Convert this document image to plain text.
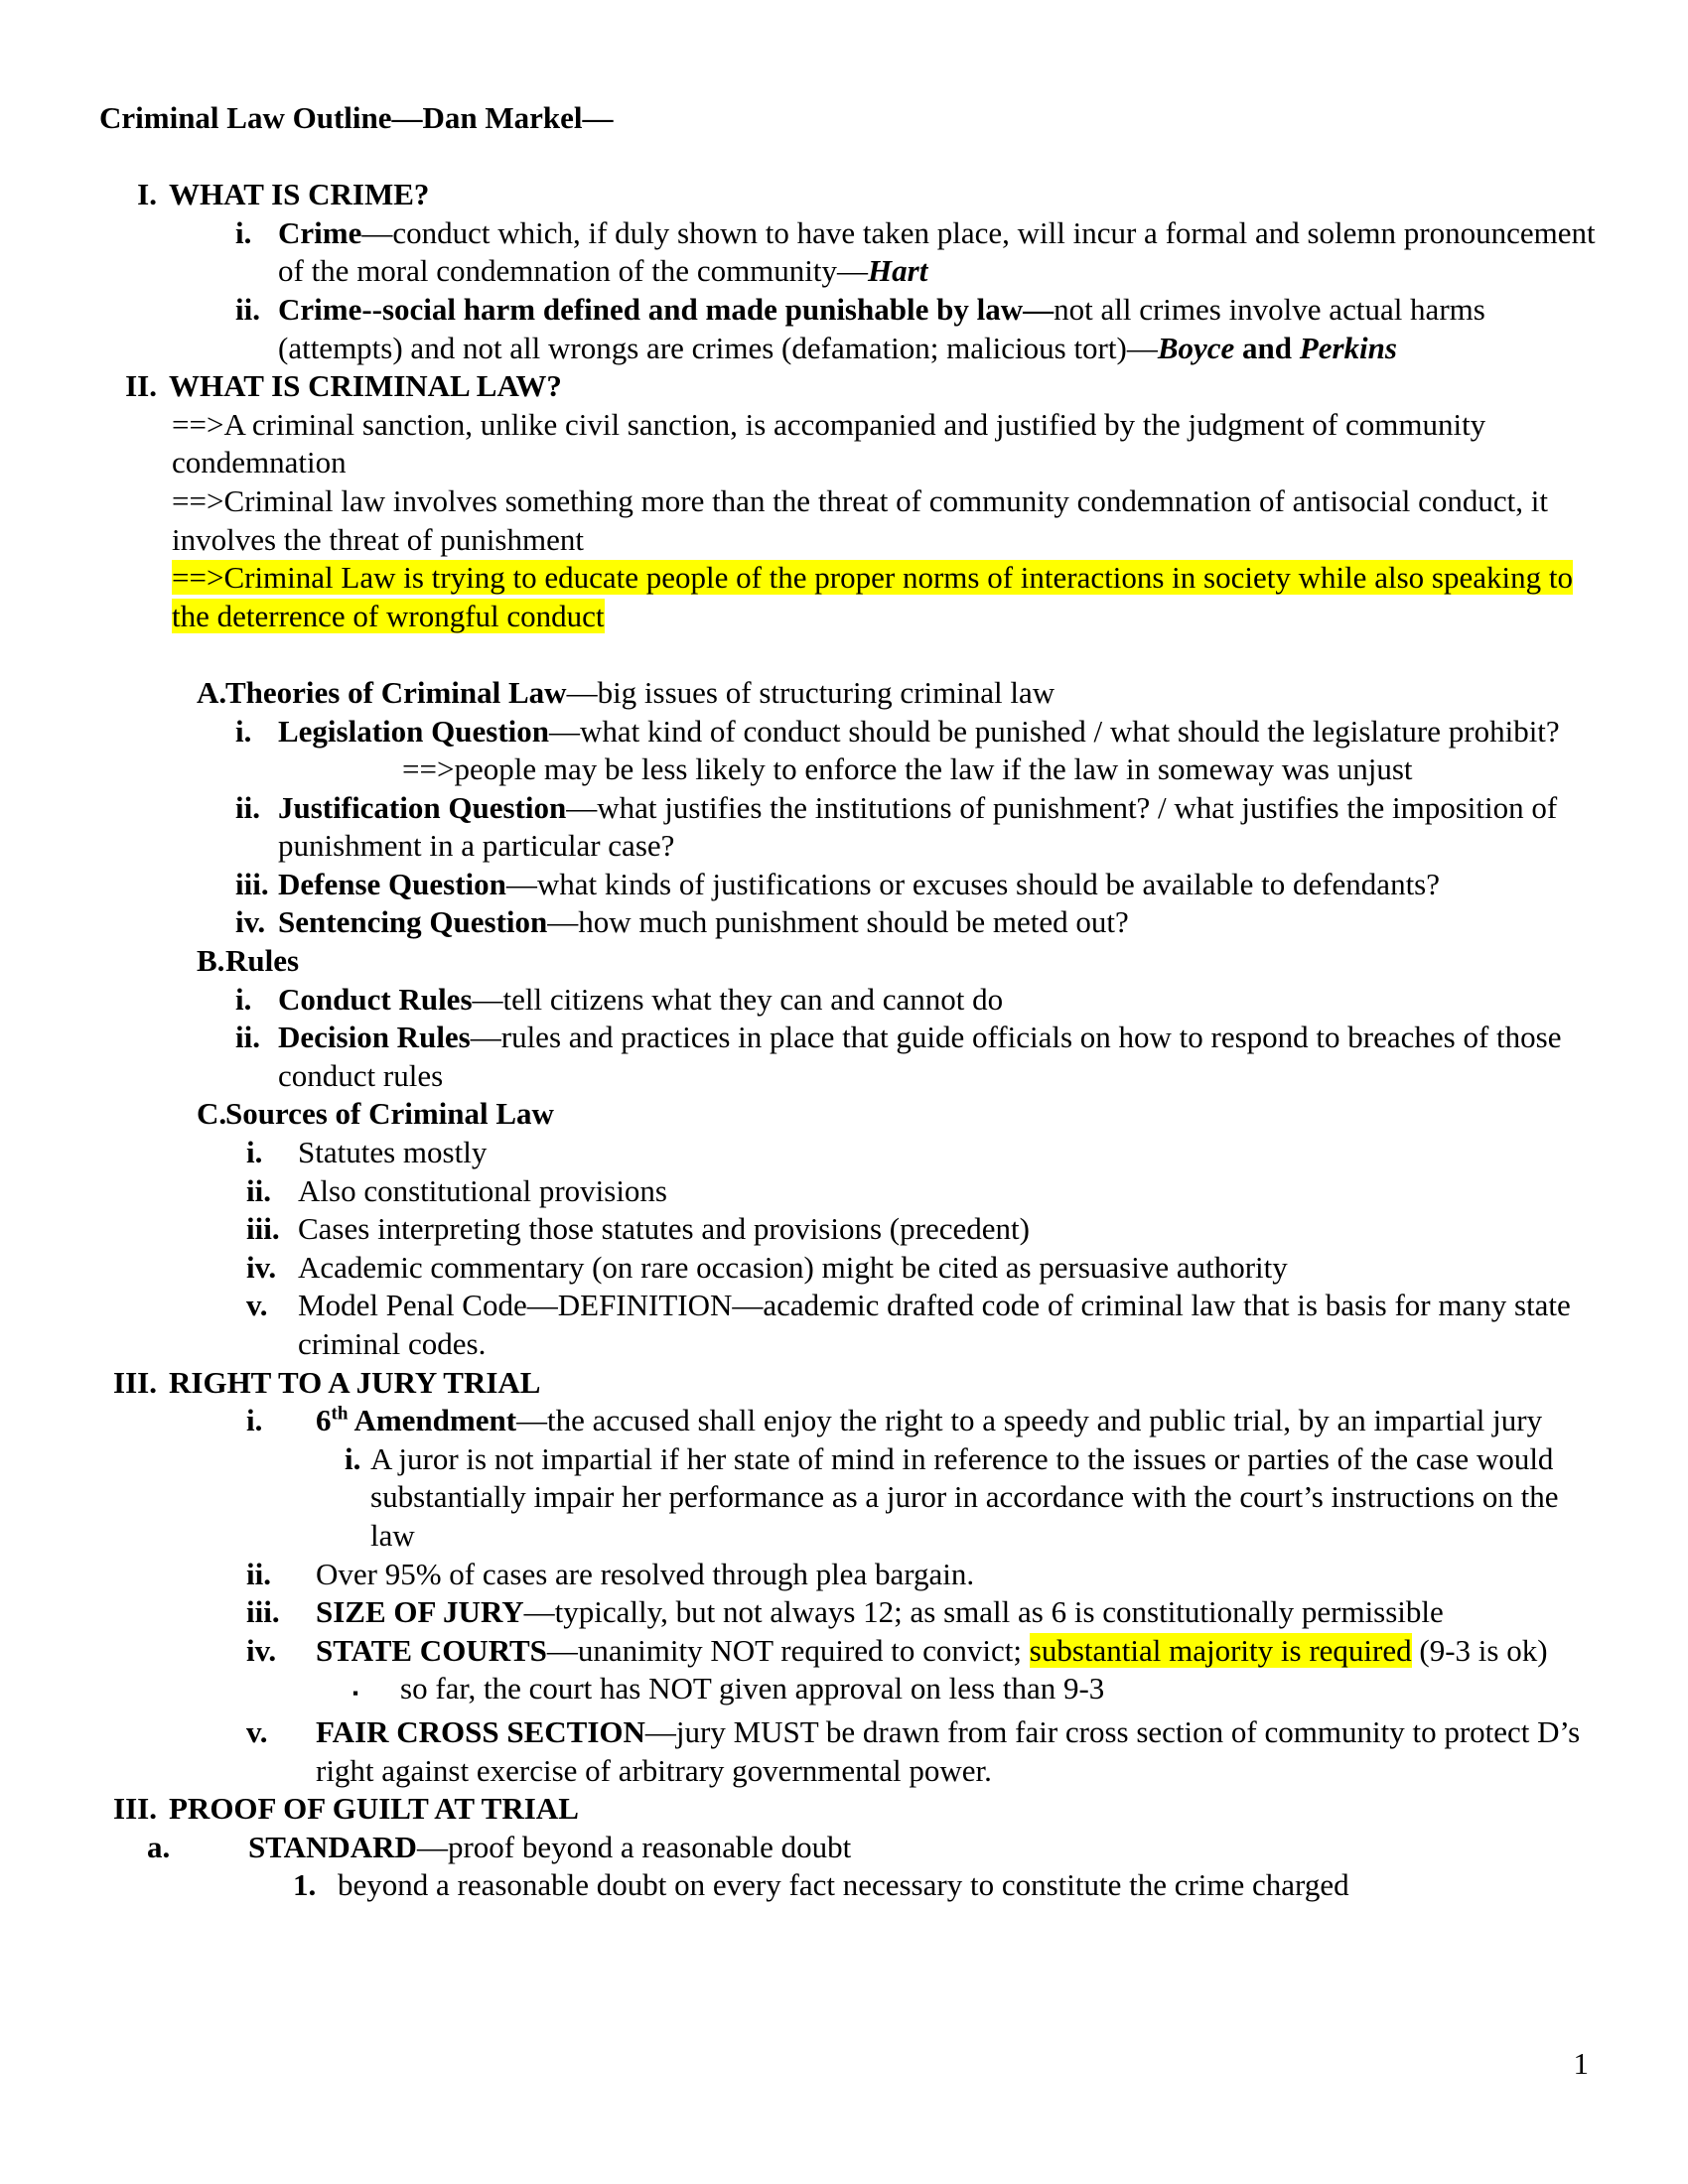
Criminal Law Outline—Dan Markel—
I. WHAT IS CRIME?
i. Crime—conduct which, if duly shown to have taken place, will incur a formal and solemn pronouncement of the moral condemnation of the community—Hart
ii. Crime--social harm defined and made punishable by law—not all crimes involve actual harms (attempts) and not all wrongs are crimes (defamation; malicious tort)—Boyce and Perkins
II. WHAT IS CRIMINAL LAW?
==>A criminal sanction, unlike civil sanction, is accompanied and justified by the judgment of community condemnation
==>Criminal law involves something more than the threat of community condemnation of antisocial conduct, it involves the threat of punishment
==>Criminal Law is trying to educate people of the proper norms of interactions in society while also speaking to the deterrence of wrongful conduct
A.
Theories of Criminal Law—big issues of structuring criminal law
i. Legislation Question—what kind of conduct should be punished / what should the legislature prohibit?
==>people may be less likely to enforce the law if the law in someway was unjust
ii. Justification Question—what justifies the institutions of punishment? / what justifies the imposition of punishment in a particular case?
iii. Defense Question—what kinds of justifications or excuses should be available to defendants?
iv. Sentencing Question—how much punishment should be meted out?
B. Rules
i. Conduct Rules—tell citizens what they can and cannot do
ii. Decision Rules—rules and practices in place that guide officials on how to respond to breaches of those conduct rules
C.
Sources of Criminal Law
i.	Statutes mostly
ii. Also constitutional provisions
iii. Cases interpreting those statutes and provisions (precedent)
iv. Academic commentary (on rare occasion) might be cited as persuasive authority
v. Model Penal Code—DEFINITION—academic drafted code of criminal law that is basis for many state criminal codes.
III. RIGHT TO A JURY TRIAL
i.	6th Amendment—the accused shall enjoy the right to a speedy and public trial, by an impartial jury
i. A juror is not impartial if her state of mind in reference to the issues or parties of the case would substantially impair her performance as a juror in accordance with the court’s instructions on the law
ii.	Over 95% of cases are resolved through plea bargain.
iii.	SIZE OF JURY—typically, but not always 12; as small as 6 is constitutionally permissible
iv.	STATE COURTS—unanimity NOT required to convict; substantial majority is required (9-3 is ok)
▪	so far, the court has NOT given approval on less than 9-3
v.	FAIR CROSS SECTION—jury MUST be drawn from fair cross section of community to protect D’s right against exercise of arbitrary governmental power.
III. PROOF OF GUILT AT TRIAL
a.	STANDARD—proof beyond a reasonable doubt
1. beyond a reasonable doubt on every fact necessary to constitute the crime charged
1
